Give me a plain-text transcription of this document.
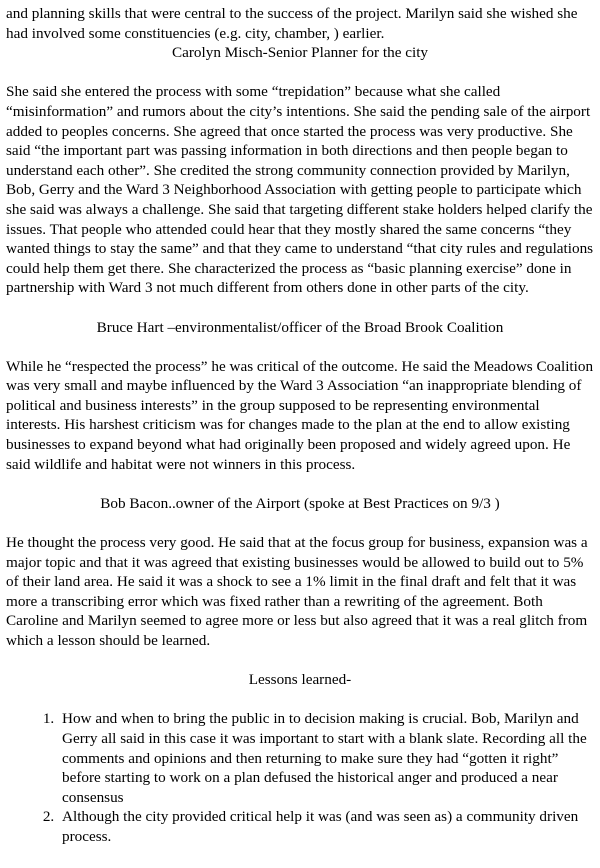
and planning skills that were central to the success of the project. Marilyn said she wished she had involved some constituencies (e.g. city, chamber, ) earlier.

Carolyn Misch-Senior Planner for the city

She said she entered the process with some “trepidation” because what she called “misinformation” and rumors about the city’s intentions. She said the pending sale of the airport added to peoples concerns. She agreed that once started the process was very productive. She said “the important part was passing information in both directions and then people began to understand each other”. She credited the strong community connection provided by Marilyn, Bob, Gerry and the Ward 3 Neighborhood Association with getting people to participate which she said was always a challenge. She said that targeting different stake holders helped clarify the issues. That people who attended could hear that they mostly shared the same concerns “they wanted things to stay the same” and that they came to understand “that city rules and regulations could help them get there. She characterized the process as “basic planning exercise” done in partnership with Ward 3 not much different from others done in other parts of the city.

Bruce Hart –environmentalist/officer of the Broad Brook Coalition

While he “respected the process” he was critical of the outcome. He said the Meadows Coalition was very small and maybe influenced by the Ward 3 Association “an inappropriate blending of political and business interests” in the group supposed to be representing environmental interests. His harshest criticism was for changes made to the plan at the end to allow existing businesses to expand beyond what had originally been proposed and widely agreed upon. He said wildlife and habitat were not winners in this process.

Bob Bacon..owner of the Airport (spoke at Best Practices on 9/3 )

He thought the process very good. He said that at the focus group for business, expansion was a major topic and that it was agreed that existing businesses would be allowed to build out to 5% of their land area. He said it was a shock to see a 1% limit in the final draft and felt that it was more a transcribing error which was fixed rather than a rewriting of the agreement. Both Caroline and Marilyn seemed to agree more or less but also agreed that it was a real glitch from which a lesson should be learned.

Lessons learned-

1. How and when to bring the public in to decision making is crucial. Bob, Marilyn and Gerry all said in this case it was important to start with a blank slate. Recording all the comments and opinions and then returning to make sure they had “gotten it right” before starting to work on a plan defused the historical anger and produced a near consensus
2. Although the city provided critical help it was (and was seen as) a community driven process.
